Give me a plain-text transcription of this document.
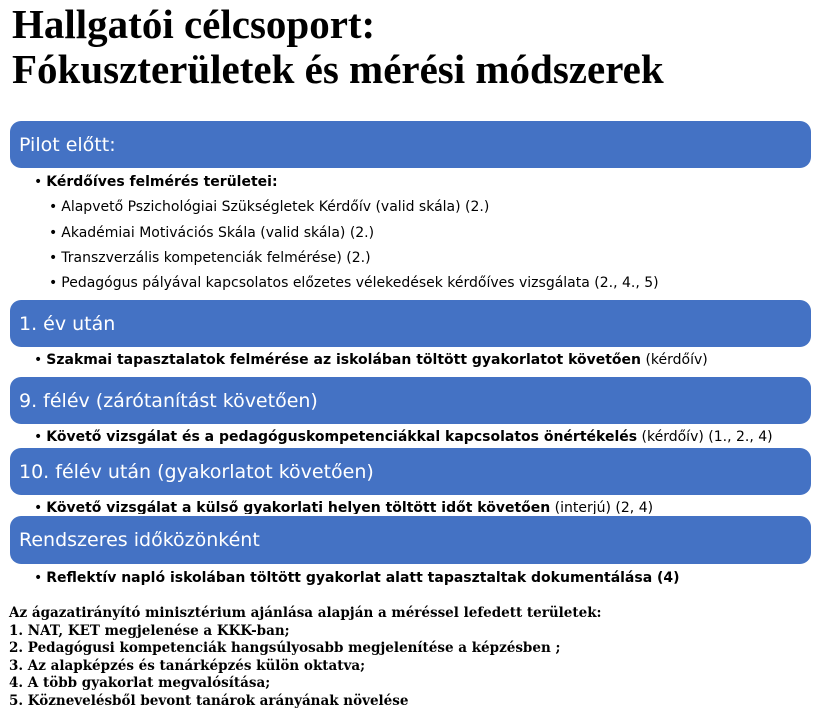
Hallgatói célcsoport:
Fókuszterületek és mérési módszerek
Pilot előtt:
• Kérdőíves felmérés területei:
• Alapvető Pszichológiai Szükségletek Kérdőív (valid skála) (2.)
• Akadémiai Motivációs Skála (valid skála) (2.)
• Transzverzális kompetenciák felmérése) (2.)
• Pedagógus pályával kapcsolatos előzetes vélekedések kérdőíves vizsgálata (2., 4., 5)
1. év után
• Szakmai tapasztalatok felmérése az iskolában töltött gyakorlatot követően (kérdőív)
9. félév (zárótanítást követően)
• Követő vizsgálat és a pedagóguskompetenciákkal kapcsolatos önértékelés (kérdőív) (1., 2., 4)
• Követő vizsgálat a külső gyakorlati helyen töltött időt követően (interjú) (2, 4)
10. félév után (gyakorlatot követően)
Rendszeres időközönként
• Reflektív napló iskolában töltött gyakorlat alatt tapasztaltak dokumentálása (4)
Az ágazatirányító minisztérium ajánlása alapján a méréssel lefedett területek:
1. NAT, KET megjelenése a KKK-ban;
2. Pedagógusi kompetenciák hangsúlyosabb megjelenítése a képzésben ;
3. Az alapképzés és tanárképzés külön oktatva;
4. A több gyakorlat megvalósítása;
5. Köznevelésből bevont tanárok arányának növelése
